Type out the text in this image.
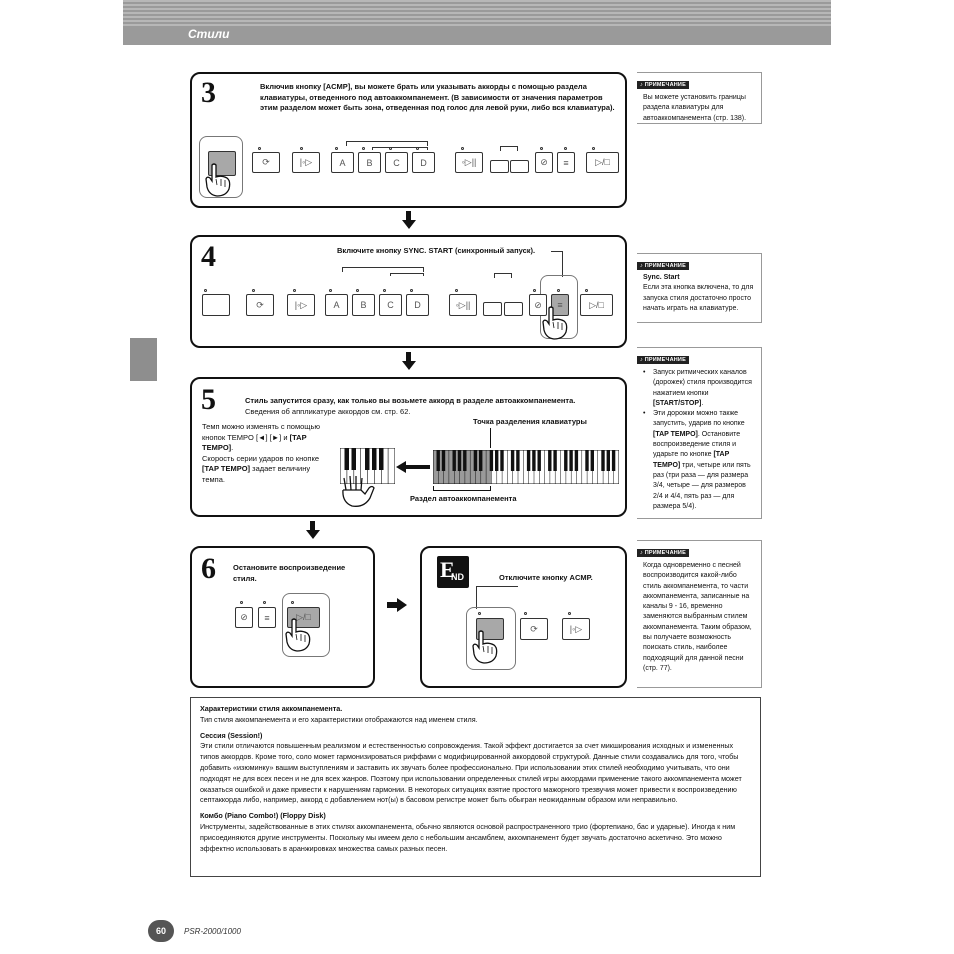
Стили
3	Включив кнопку [ACMP], вы можете брать или указывать аккорды с помощью раздела клавиатуры, отведенного под автоаккомпанемент. (В зависимости от значения параметров этим разделом может быть зона, отведенная под голос для левой руки, либо вся клавиатура).
⟳	|◦▷	A B C D	◦▷||	⊘	≡	▷/□
4	Включите кнопку SYNC. START (синхронный запуск).
⟳	|◦▷	A B C D	◦▷||	⊘	≡	▷/□
5	Стиль запустится сразу, как только вы возьмете аккорд в разделе автоаккомпанемента.
Сведения об аппликатуре аккордов см. стр. 62.
Темп можно изменять с помощью
кнопок TEMPO [◄] [►] и [TAP
TEMPO].
Скорость серии ударов по кнопке
[TAP TEMPO] задает величину
темпа.
Точка разделения клавиатуры
Раздел автоаккомпанемента
6 Остановите воспроизведение стиля.
⊘	≡	▷/□
E
ND	Отключите кнопку ACMP.
⟳	|◦▷
♪ ПРИМЕЧАНИЕ
Вы можете установить границы раздела клавиатуры для автоаккомпанемента (стр. 138).
♪ ПРИМЕЧАНИЕ
Sync. Start
Если эта кнопка включена, то для запуска стиля достаточно просто начать играть на клавиатуре.
♪ ПРИМЕЧАНИЕ
• Запуск ритмических каналов (дорожек) стиля производится нажатием кнопки [START/STOP].
• Эти дорожки можно также запустить, ударив по кнопке [TAP TEMPO]. Остановите воспроизведение стиля и ударьте по кнопке [TAP TEMPO] три, четыре или пять раз (три раза — для размера 3/4, четыре — для размеров 2/4 и 4/4, пять раз — для размера 5/4).
♪ ПРИМЕЧАНИЕ
Когда одновременно с песней воспроизводится какой-либо стиль аккомпанемента, то части аккомпанемента, записанные на каналы 9 - 16, временно заменяются выбранным стилем аккомпанемента. Таким образом, вы получаете возможность поискать стиль, наиболее подходящий для данной песни (стр. 77).

Характеристики стиля аккомпанемента.

Тип стиля аккомпанемента и его характеристики отображаются над именем стиля.

Сессия (Session!)

Эти стили отличаются повышенным реализмом и естественностью сопровождения. Такой эффект достигается за счет микширования исходных и измененных типов аккордов. Кроме того, соло может гармонизироваться риффами с модифицированной аккордовой структурой. Данные стили создавались для того, чтобы добавить «изюминку» вашим выступлениям и заставить их звучать более профессионально. При использовании этих стилей необходимо учитывать, что они подходят не для всех песен и не для всех жанров. Поэтому при использовании определенных стилей игры аккордами применение такого аккомпанемента может оказаться ошибкой и даже привести к нарушениям гармонии. В некоторых ситуациях взятие простого мажорного трезвучия может привести к воспроизведению септаккорда либо, например, аккорд с добавлением нот(ы) в басовом регистре может быть обыгран неожиданным образом или неправильно.

Комбо (Piano Combo!) (Floppy Disk)

Инструменты, задействованные в этих стилях аккомпанемента, обычно являются основой распространенного трио (фортепиано, бас и ударные). Иногда к ним присоединяются другие инструменты. Поскольку мы имеем дело с небольшим ансамблем, аккомпанемент будет звучать достаточно аскетично. Это можно эффектно использовать в аранжировках множества самых разных песен.

60	PSR-2000/1000
